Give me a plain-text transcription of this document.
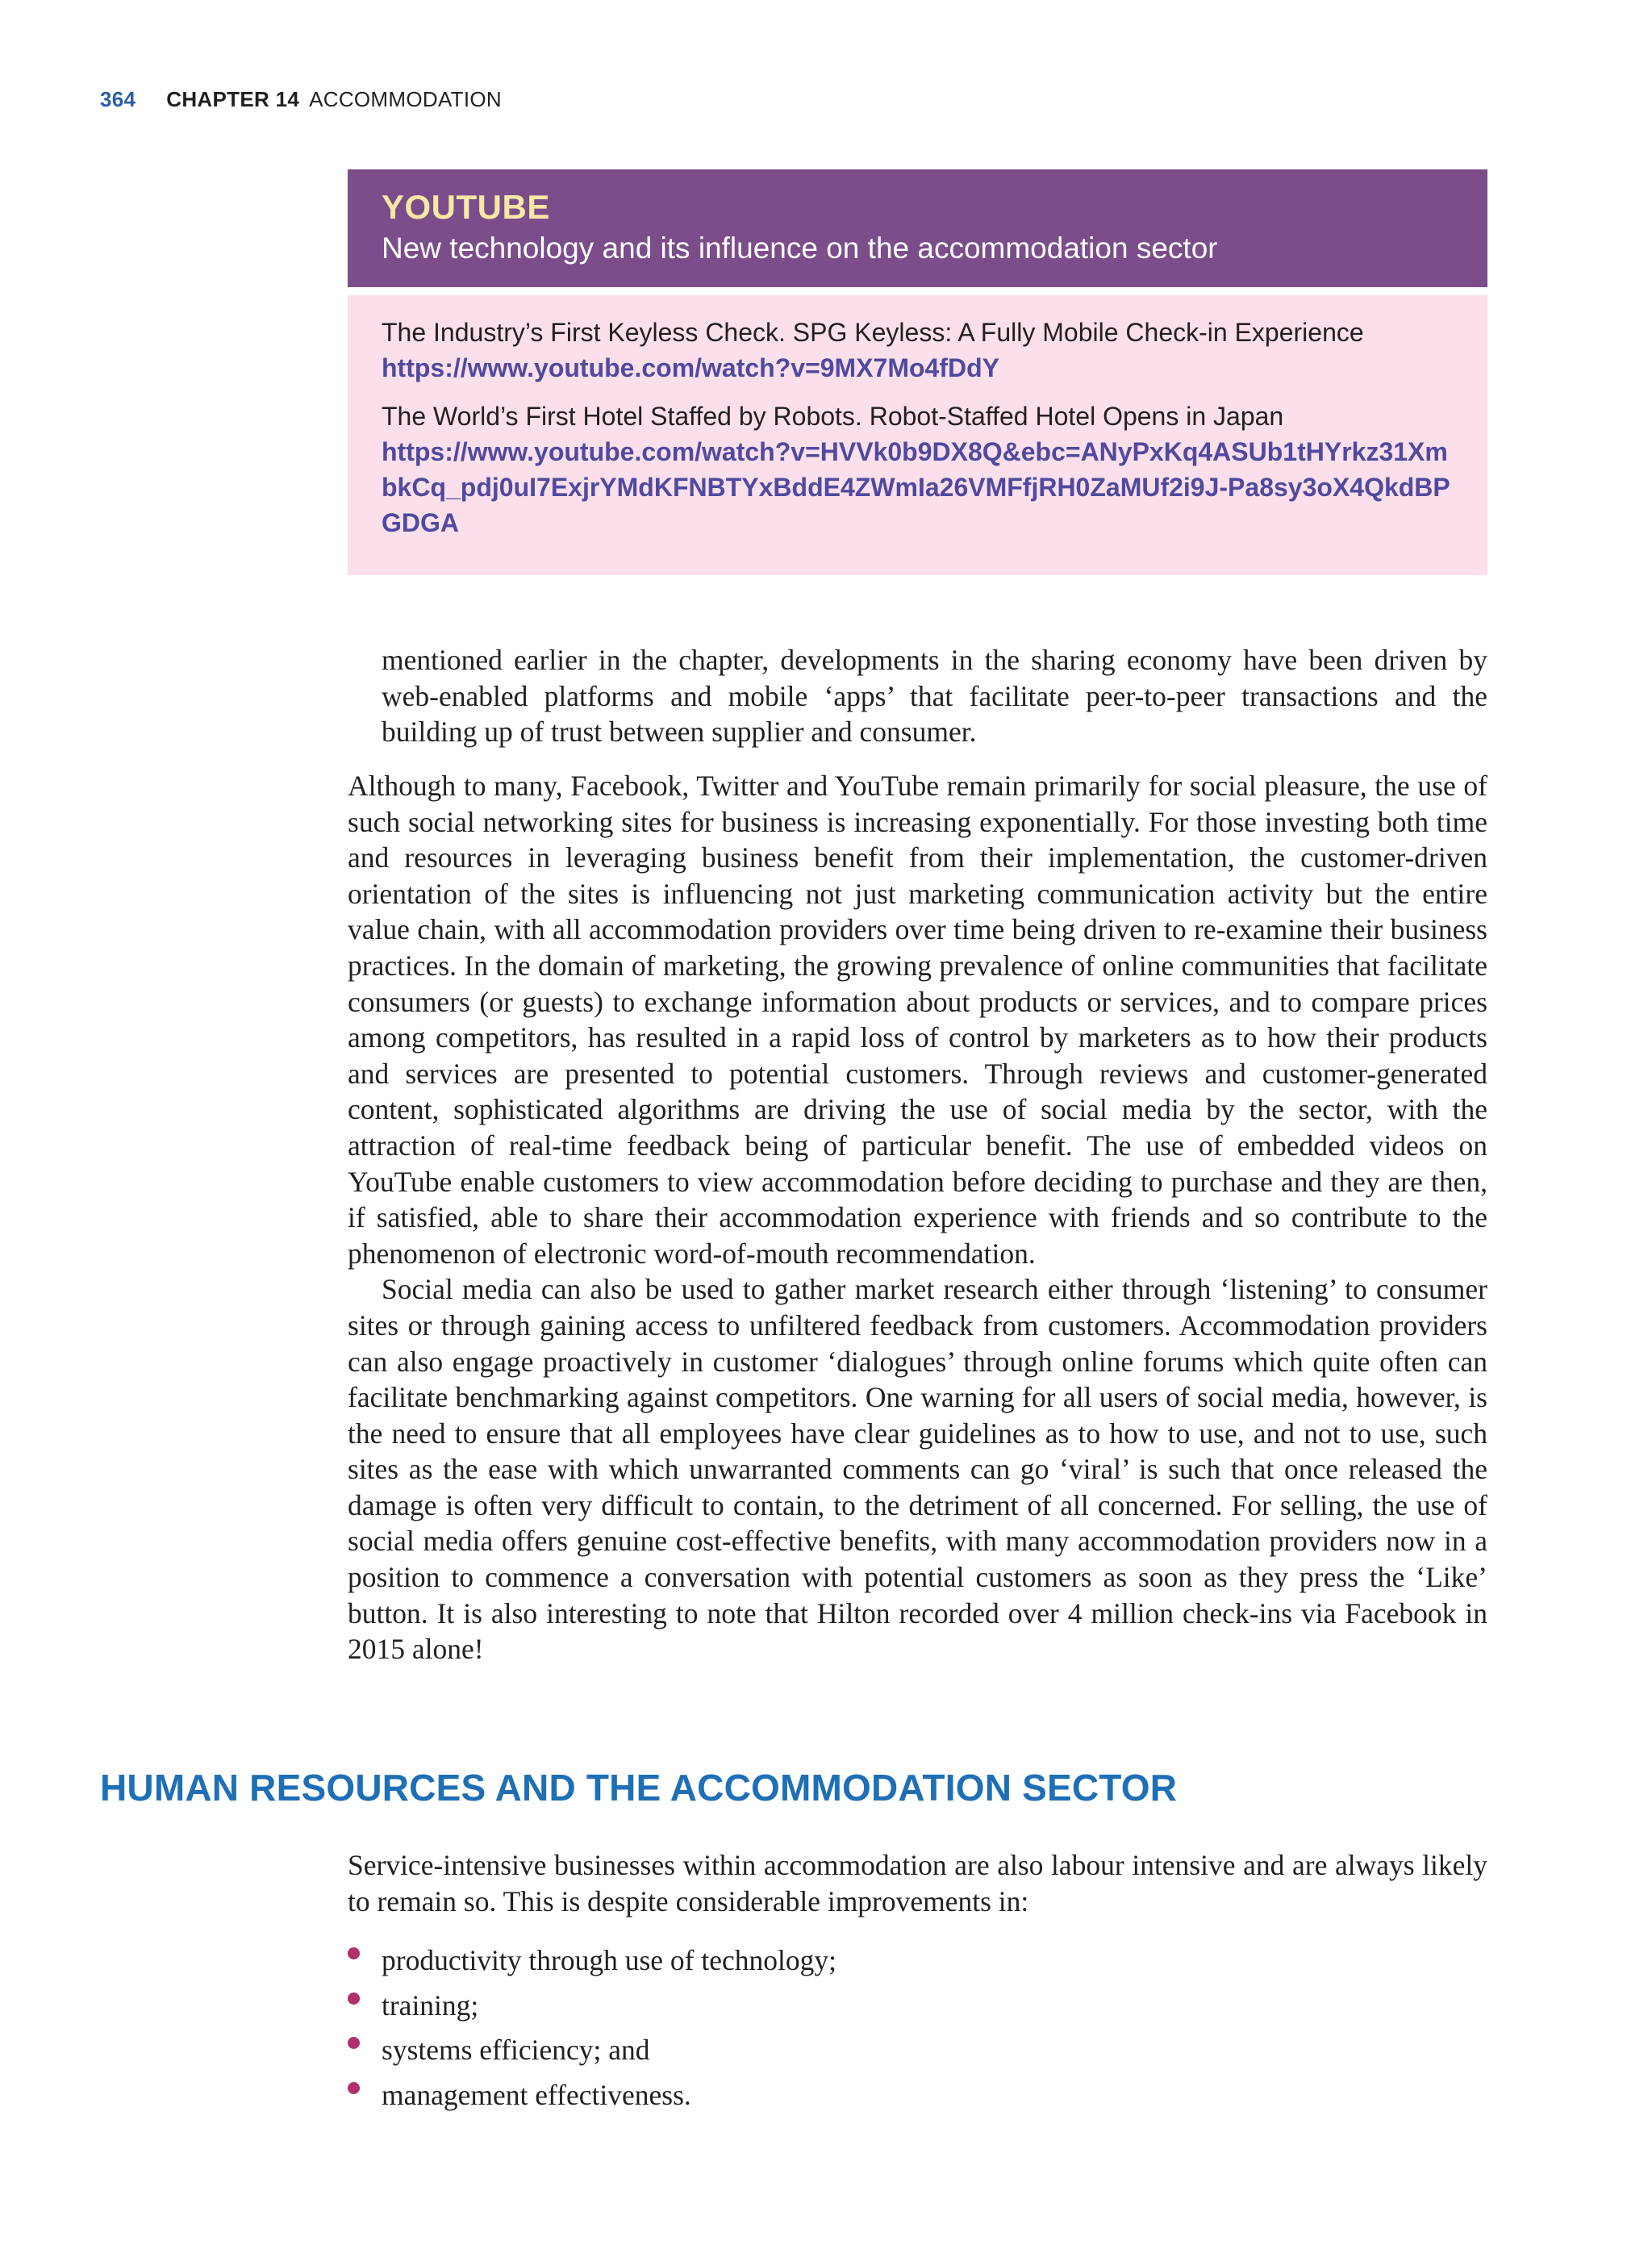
364 CHAPTER 14 ACCOMMODATION
YOUTUBE
New technology and its influence on the accommodation sector
The Industry’s First Keyless Check. SPG Keyless: A Fully Mobile Check-in Experience
https://www.youtube.com/watch?v=9MX7Mo4fDdY
The World’s First Hotel Staffed by Robots. Robot-Staffed Hotel Opens in Japan
https://www.youtube.com/watch?v=HVVk0b9DX8Q&ebc=ANyPxKq4ASUb1tHYrkz31XmbkCq_pdj0uI7ExjrYMdKFNBTYxBddE4ZWmIa26VMFfjRH0ZaMUf2i9J-Pa8sy3oX4QkdBPGDGA

mentioned earlier in the chapter, developments in the sharing economy have been driven by web-enabled platforms and mobile ‘apps’ that facilitate peer-to-peer transactions and the building up of trust between supplier and consumer.

Although to many, Facebook, Twitter and YouTube remain primarily for social pleasure, the use of such social networking sites for business is increasing exponentially. For those investing both time and resources in leveraging business benefit from their implementation, the customer-driven orientation of the sites is influencing not just marketing communication activity but the entire value chain, with all accommodation providers over time being driven to re-examine their business practices. In the domain of marketing, the growing prevalence of online communities that facilitate consumers (or guests) to exchange information about products or services, and to compare prices among competitors, has resulted in a rapid loss of control by marketers as to how their products and services are presented to potential customers. Through reviews and customer-generated content, sophisticated algorithms are driving the use of social media by the sector, with the attraction of real-time feedback being of particular benefit. The use of embedded videos on YouTube enable customers to view accommodation before deciding to purchase and they are then, if satisfied, able to share their accommodation experience with friends and so contribute to the phenomenon of electronic word-of-mouth recommendation.

Social media can also be used to gather market research either through ‘listening’ to consumer sites or through gaining access to unfiltered feedback from customers. Accommodation providers can also engage proactively in customer ‘dialogues’ through online forums which quite often can facilitate benchmarking against competitors. One warning for all users of social media, however, is the need to ensure that all employees have clear guidelines as to how to use, and not to use, such sites as the ease with which unwarranted comments can go ‘viral’ is such that once released the damage is often very difficult to contain, to the detriment of all concerned. For selling, the use of social media offers genuine cost-effective benefits, with many accommodation providers now in a position to commence a conversation with potential customers as soon as they press the ‘Like’ button. It is also interesting to note that Hilton recorded over 4 million check-ins via Facebook in 2015 alone!

HUMAN RESOURCES AND THE ACCOMMODATION SECTOR

Service-intensive businesses within accommodation are also labour intensive and are always likely to remain so. This is despite considerable improvements in:

productivity through use of technology;
training;
systems efficiency; and
management effectiveness.
